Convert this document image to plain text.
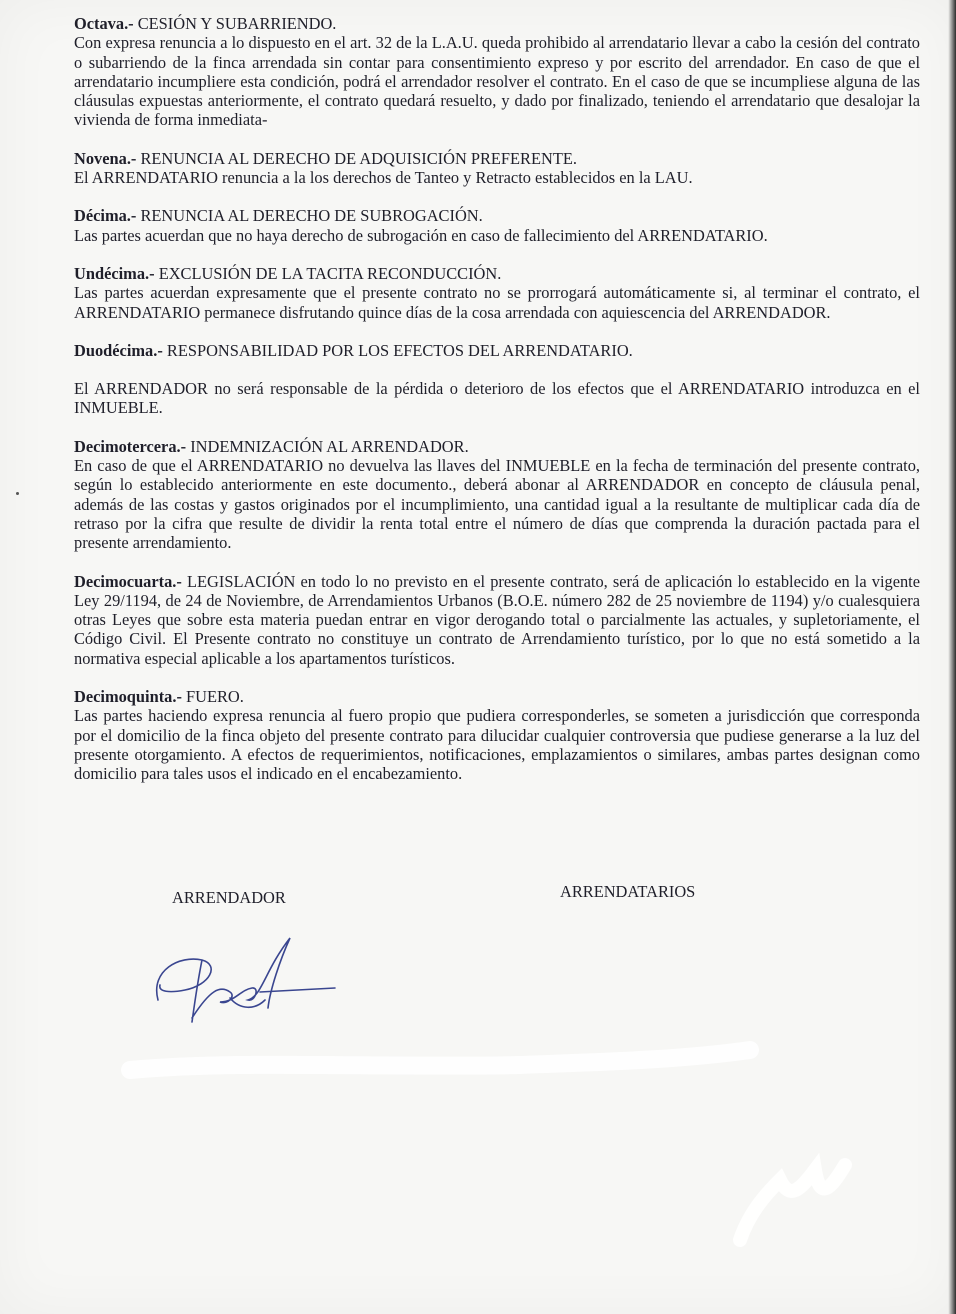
Octava.- CESIÓN Y SUBARRIENDO.
Con expresa renuncia a lo dispuesto en el art. 32 de la L.A.U. queda prohibido al arrendatario llevar a cabo la cesión del contrato o subarriendo de la finca arrendada sin contar para consentimiento expreso y por escrito del arrendador. En caso de que el arrendatario incumpliere esta condición, podrá el arrendador resolver el contrato. En el caso de que se incumpliese alguna de las cláusulas expuestas anteriormente, el contrato quedará resuelto, y dado por finalizado, teniendo el arrendatario que desalojar la vivienda de forma inmediata-
Novena.- RENUNCIA AL DERECHO DE ADQUISICIÓN PREFERENTE.
El ARRENDATARIO renuncia a la los derechos de Tanteo y Retracto establecidos en la LAU.
Décima.- RENUNCIA AL DERECHO DE SUBROGACIÓN.
Las partes acuerdan que no haya derecho de subrogación en caso de fallecimiento del ARRENDATARIO.
Undécima.- EXCLUSIÓN DE LA TACITA RECONDUCCIÓN.
Las partes acuerdan expresamente que el presente contrato no se prorrogará automáticamente si, al terminar el contrato, el ARRENDATARIO permanece disfrutando quince días de la cosa arrendada con aquiescencia del ARRENDADOR.
Duodécima.- RESPONSABILIDAD POR LOS EFECTOS DEL ARRENDATARIO.
El ARRENDADOR no será responsable de la pérdida o deterioro de los efectos que el ARRENDATARIO introduzca en el INMUEBLE.
Decimotercera.- INDEMNIZACIÓN AL ARRENDADOR.
En caso de que el ARRENDATARIO no devuelva las llaves del INMUEBLE en la fecha de terminación del presente contrato, según lo establecido anteriormente en este documento., deberá abonar al ARRENDADOR en concepto de cláusula penal, además de las costas y gastos originados por el incumplimiento, una cantidad igual a la resultante de multiplicar cada día de retraso por la cifra que resulte de dividir la renta total entre el número de días que comprenda la duración pactada para el presente arrendamiento.
Decimocuarta.- LEGISLACIÓN en todo lo no previsto en el presente contrato, será de aplicación lo establecido en la vigente Ley 29/1194, de 24 de Noviembre, de Arrendamientos Urbanos (B.O.E. número 282 de 25 noviembre de 1194) y/o cualesquiera otras Leyes que sobre esta materia puedan entrar en vigor derogando total o parcialmente las actuales, y supletoriamente, el Código Civil. El Presente contrato no constituye un contrato de Arrendamiento turístico, por lo que no está sometido a la normativa especial aplicable a los apartamentos turísticos.
Decimoquinta.- FUERO.
Las partes haciendo expresa renuncia al fuero propio que pudiera corresponderles, se someten a jurisdicción que corresponda por el domicilio de la finca objeto del presente contrato para dilucidar cualquier controversia que pudiese generarse a la luz del presente otorgamiento. A efectos de requerimientos, notificaciones, emplazamientos o similares, ambas partes designan como domicilio para tales usos el indicado en el encabezamiento.
ARRENDADOR	ARRENDATARIOS
